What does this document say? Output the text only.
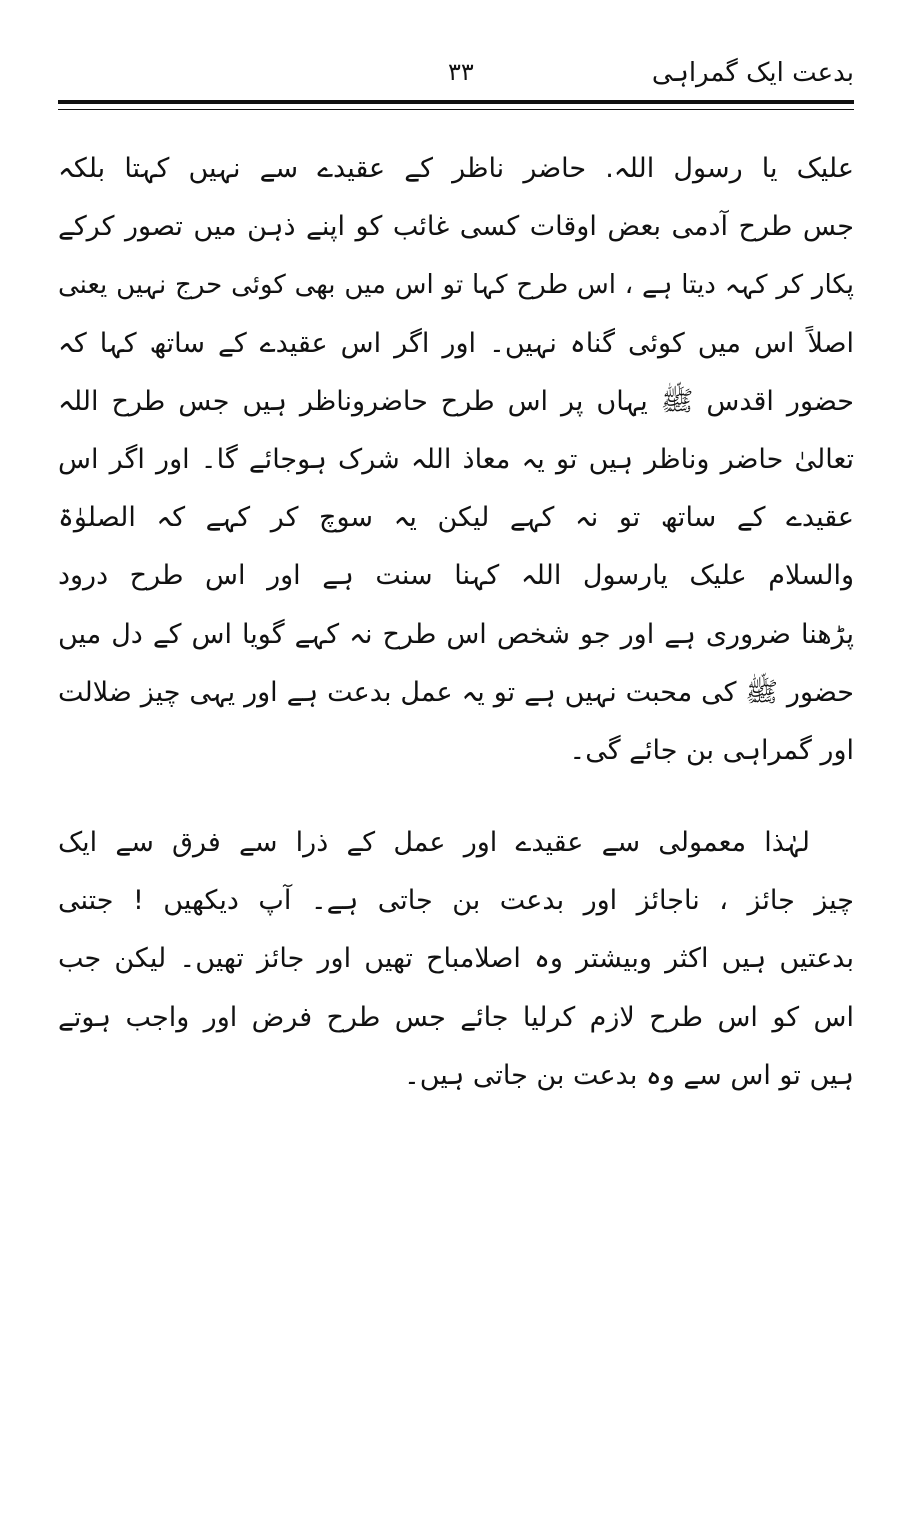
بدعت ایک گمراہی
۳۳
علیک یا رسول اللہ. حاضر ناظر کے عقیدے سے نہیں کہتا بلکہ
جس طرح آدمی بعض اوقات کسی غائب کو اپنے ذہن میں تصور کرکے
پکار کر کہہ دیتا ہے ، اس طرح کہا تو اس میں بھی کوئی حرج نہیں یعنی
اصلاً اس میں کوئی گناہ نہیں۔ اور اگر اس عقیدے کے ساتھ کہا کہ
حضور اقدس ﷺ یہاں پر اس طرح حاضروناظر ہیں جس طرح اللہ
تعالیٰ حاضر وناظر ہیں تو یہ معاذ اللہ شرک ہوجائے گا۔ اور اگر اس
عقیدے کے ساتھ تو نہ کہے لیکن یہ سوچ کر کہے کہ الصلوٰۃ
والسلام علیک یارسول اللہ کہنا سنت ہے اور اس طرح درود
پڑھنا ضروری ہے اور جو شخص اس طرح نہ کہے گویا اس کے دل میں
حضور ﷺ کی محبت نہیں ہے تو یہ عمل بدعت ہے اور یہی چیز ضلالت
اور گمراہی بن جائے گی۔
لہٰذا معمولی سے عقیدے اور عمل کے ذرا سے فرق سے ایک
چیز جائز ، ناجائز اور بدعت بن جاتی ہے۔ آپ دیکھیں ! جتنی
بدعتیں ہیں اکثر وبیشتر وہ اصلامباح تھیں اور جائز تھیں۔ لیکن جب
اس کو اس طرح لازم کرلیا جائے جس طرح فرض اور واجب ہوتے
ہیں تو اس سے وہ بدعت بن جاتی ہیں۔
